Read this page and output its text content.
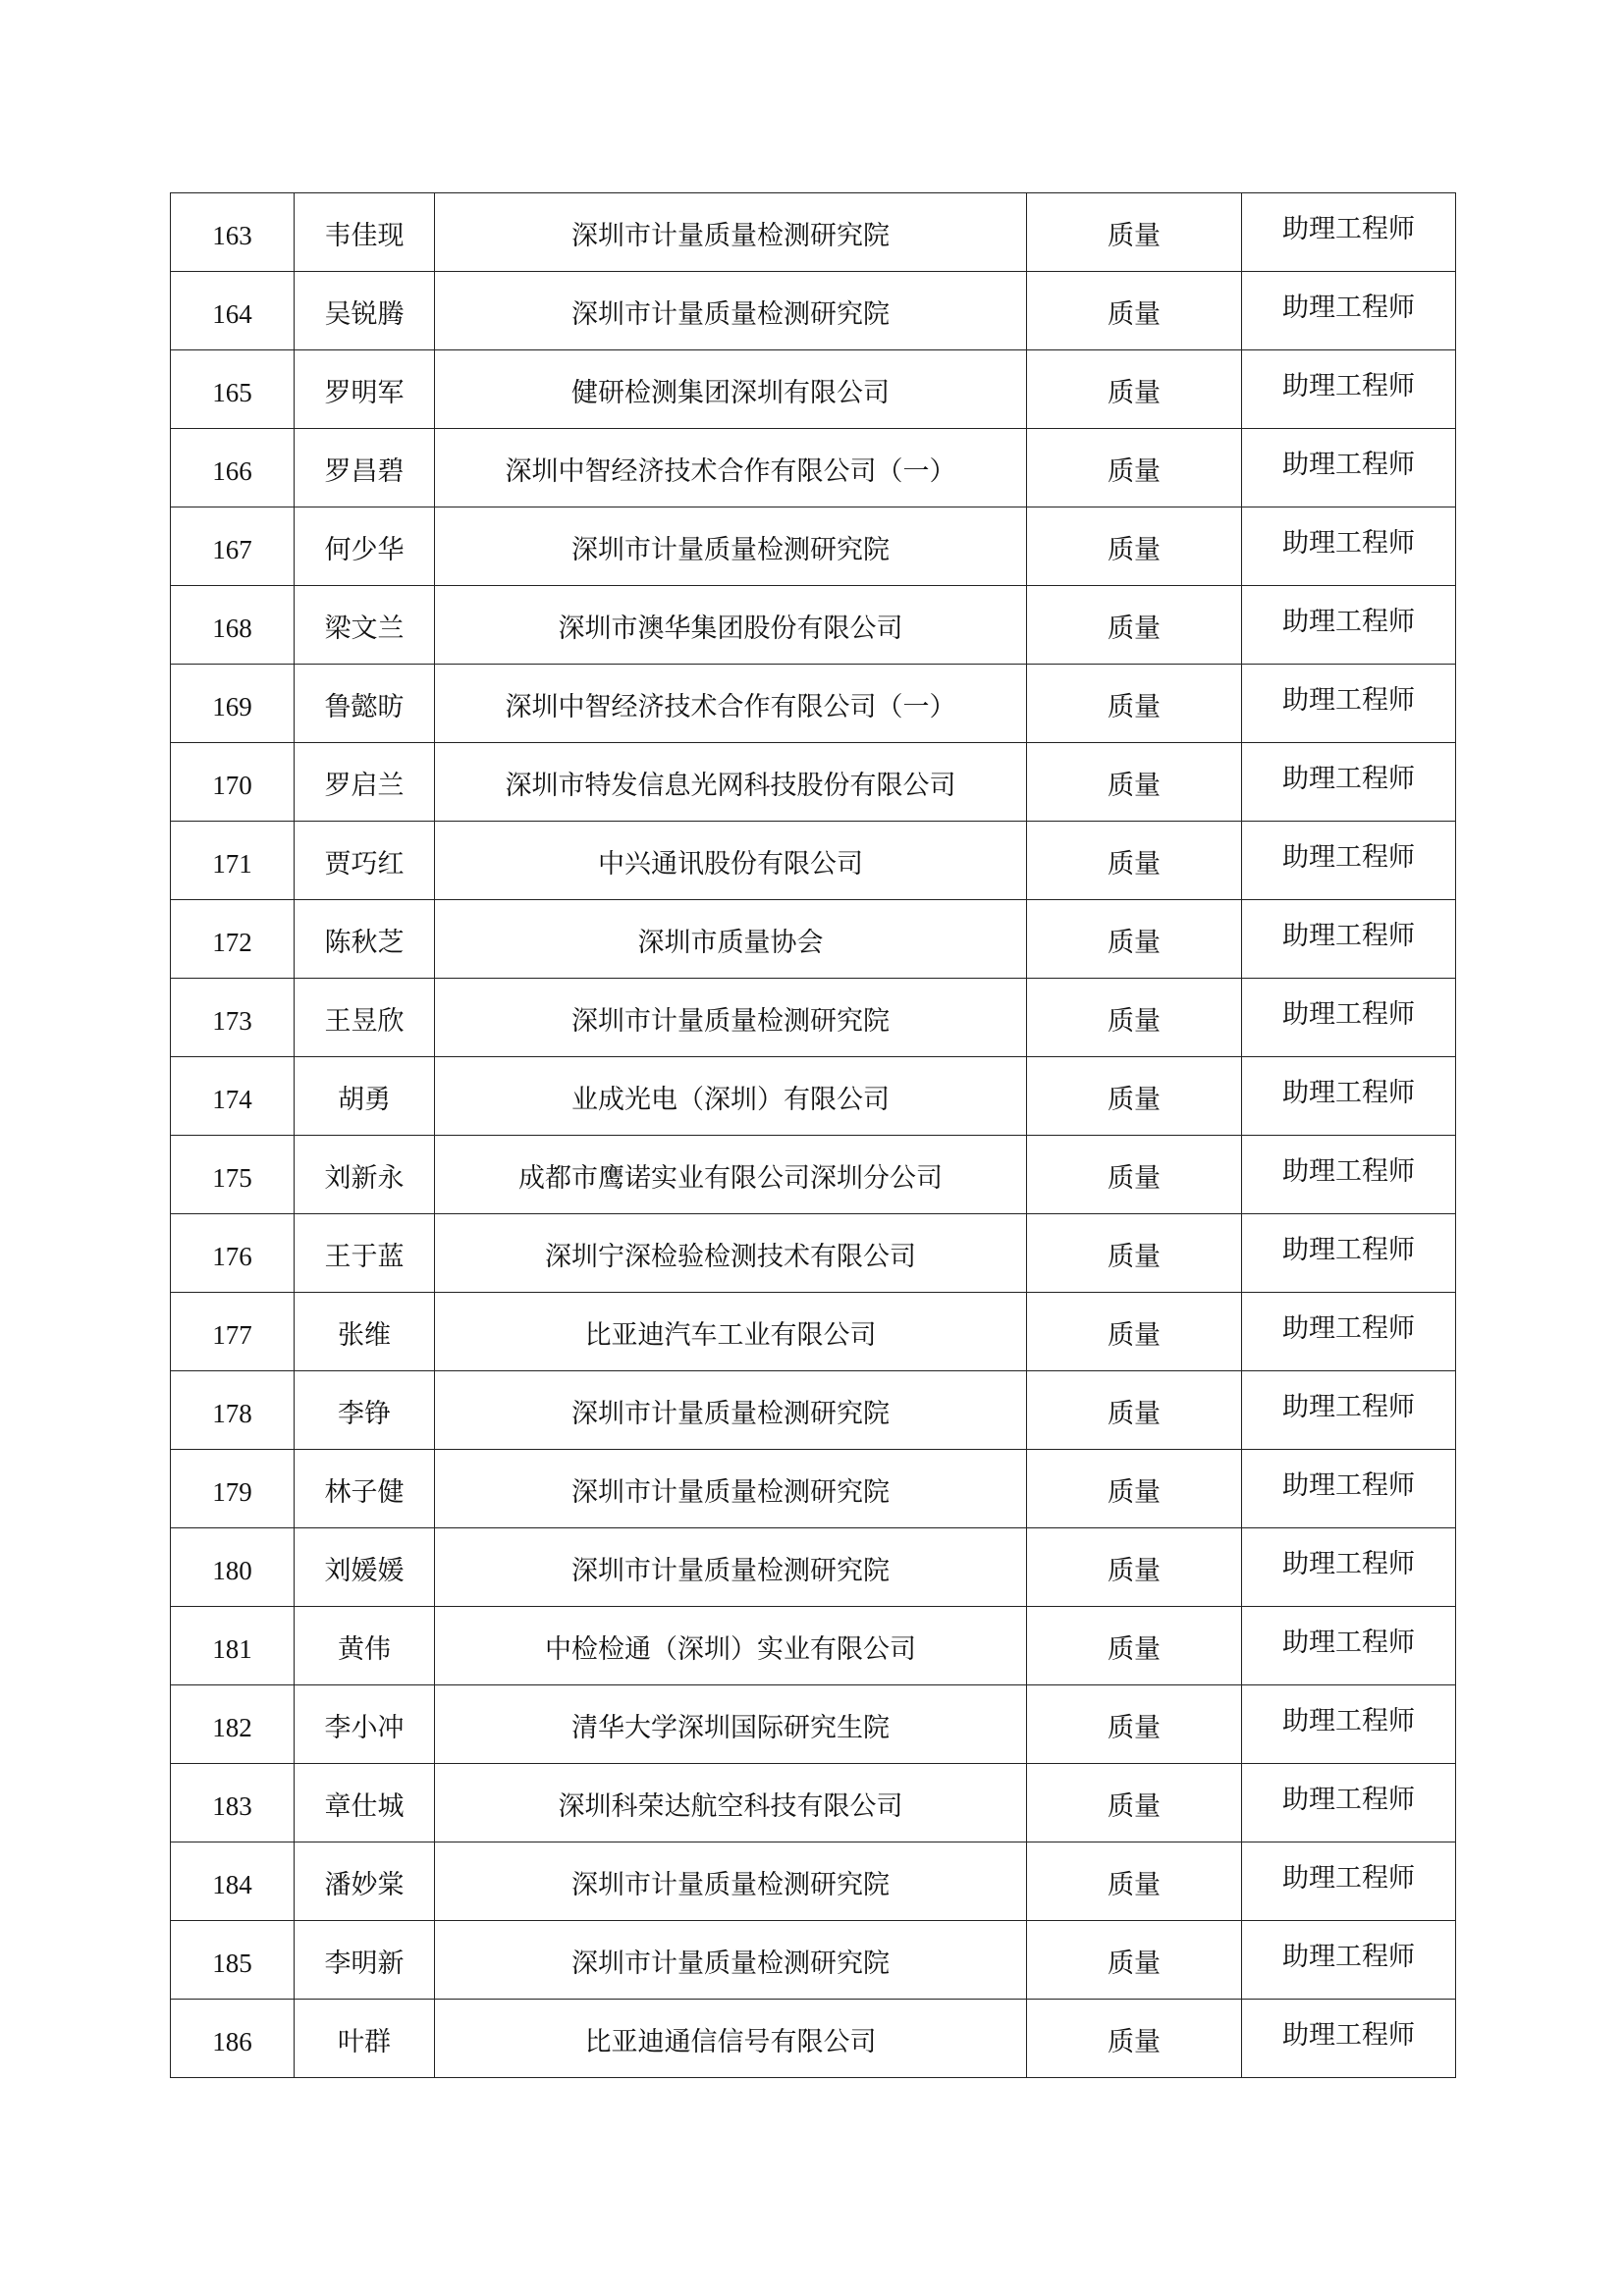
163	韦佳现	深圳市计量质量检测研究院	质量	助理工程师
164	吴锐腾	深圳市计量质量检测研究院	质量	助理工程师
165	罗明军	健研检测集团深圳有限公司	质量	助理工程师
166	罗昌碧	深圳中智经济技术合作有限公司（一）	质量	助理工程师
167	何少华	深圳市计量质量检测研究院	质量	助理工程师
168	梁文兰	深圳市澳华集团股份有限公司	质量	助理工程师
169	鲁懿昉	深圳中智经济技术合作有限公司（一）	质量	助理工程师
170	罗启兰	深圳市特发信息光网科技股份有限公司	质量	助理工程师
171	贾巧红	中兴通讯股份有限公司	质量	助理工程师
172	陈秋芝	深圳市质量协会	质量	助理工程师
173	王昱欣	深圳市计量质量检测研究院	质量	助理工程师
174	胡勇	业成光电（深圳）有限公司	质量	助理工程师
175	刘新永	成都市鹰诺实业有限公司深圳分公司	质量	助理工程师
176	王于蓝	深圳宁深检验检测技术有限公司	质量	助理工程师
177	张维	比亚迪汽车工业有限公司	质量	助理工程师
178	李铮	深圳市计量质量检测研究院	质量	助理工程师
179	林子健	深圳市计量质量检测研究院	质量	助理工程师
180	刘媛媛	深圳市计量质量检测研究院	质量	助理工程师
181	黄伟	中检检通（深圳）实业有限公司	质量	助理工程师
182	李小冲	清华大学深圳国际研究生院	质量	助理工程师
183	章仕城	深圳科荣达航空科技有限公司	质量	助理工程师
184	潘妙棠	深圳市计量质量检测研究院	质量	助理工程师
185	李明新	深圳市计量质量检测研究院	质量	助理工程师
186	叶群	比亚迪通信信号有限公司	质量	助理工程师
